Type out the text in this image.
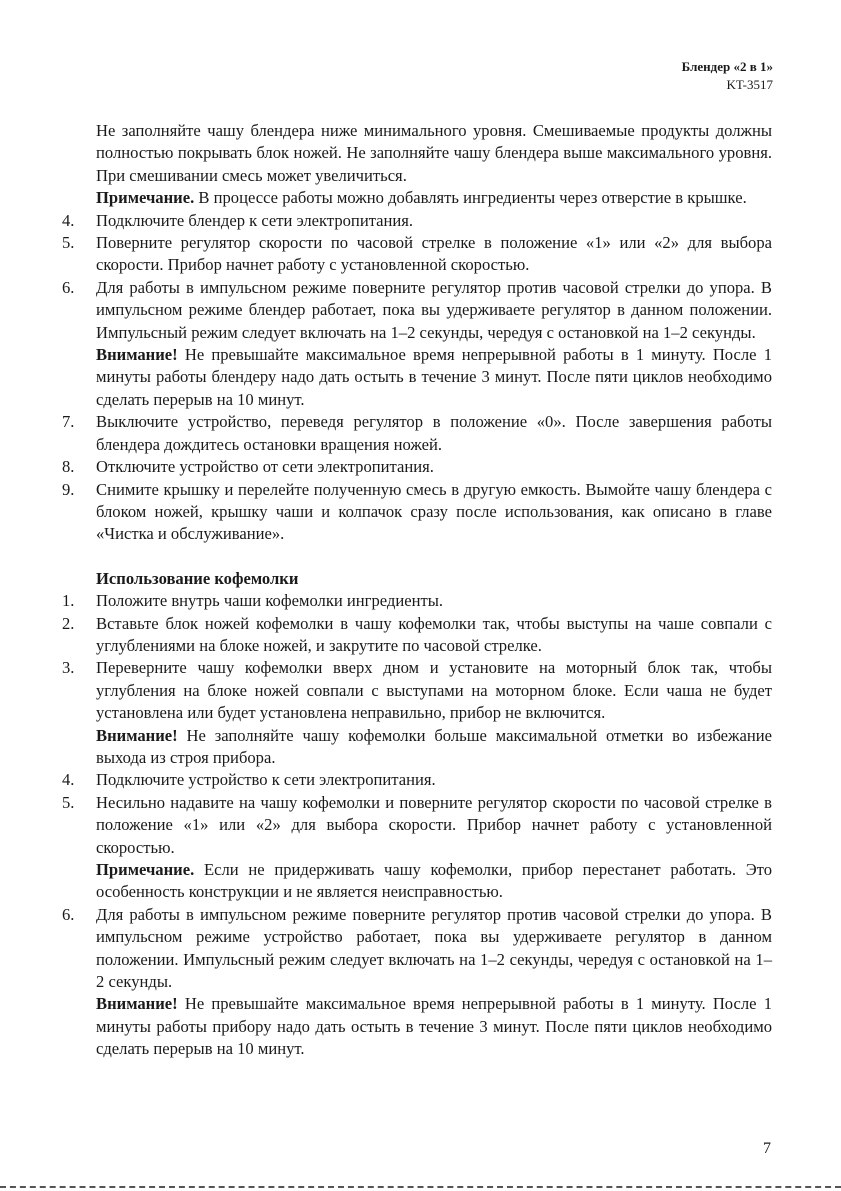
Блендер «2 в 1»
KT-3517

Не заполняйте чашу блендера ниже минимального уровня. Смешиваемые продукты должны полностью покрывать блок ножей. Не заполняйте чашу блендера выше максимального уровня. При смешивании смесь может увеличиться.

Примечание. В процессе работы можно добавлять ингредиенты через отверстие в крышке.

4.	Подключите блендер к сети электропитания.
5.	Поверните регулятор скорости по часовой стрелке в положение «1» или «2» для выбора скорости. Прибор начнет работу с установленной скоростью.
6.	Для работы в импульсном режиме поверните регулятор против часовой стрелки до упора. В импульсном режиме блендер работает, пока вы удерживаете регулятор в данном положении. Импульсный режим следует включать на 1–2 секунды, чередуя с остановкой на 1–2 секунды.

Внимание! Не превышайте максимальное время непрерывной работы в 1 минуту. После 1 минуты работы блендеру надо дать остыть в течение 3 минут. После пяти циклов необходимо сделать перерыв на 10 минут.

7.	Выключите устройство, переведя регулятор в положение «0». После завершения работы блендера дождитесь остановки вращения ножей.
8.	Отключите устройство от сети электропитания.
9.	Снимите крышку и перелейте полученную смесь в другую емкость. Вымойте чашу блендера с блоком ножей, крышку чаши и колпачок сразу после использования, как описано в главе «Чистка и обслуживание».
Использование кофемолки
1.	Положите внутрь чаши кофемолки ингредиенты.
2.	Вставьте блок ножей кофемолки в чашу кофемолки так, чтобы выступы на чаше совпали с углублениями на блоке ножей, и закрутите по часовой стрелке.
3.	Переверните чашу кофемолки вверх дном и установите на моторный блок так, чтобы углубления на блоке ножей совпали с выступами на моторном блоке. Если чаша не будет установлена или будет установлена неправильно, прибор не включится.

Внимание! Не заполняйте чашу кофемолки больше максимальной отметки во избежание выхода из строя прибора.

4.	Подключите устройство к сети электропитания.
5.	Несильно надавите на чашу кофемолки и поверните регулятор скорости по часовой стрелке в положение «1» или «2» для выбора скорости. Прибор начнет работу с установленной скоростью.

Примечание. Если не придерживать чашу кофемолки, прибор перестанет работать. Это особенность конструкции и не является неисправностью.

6.	Для работы в импульсном режиме поверните регулятор против часовой стрелки до упора. В импульсном режиме устройство работает, пока вы удерживаете регулятор в данном положении. Импульсный режим следует включать на 1–2 секунды, чередуя с остановкой на 1–2 секунды.

Внимание! Не превышайте максимальное время непрерывной работы в 1 минуту. После 1 минуты работы прибору надо дать остыть в течение 3 минут. После пяти циклов необходимо сделать перерыв на 10 минут.

7
